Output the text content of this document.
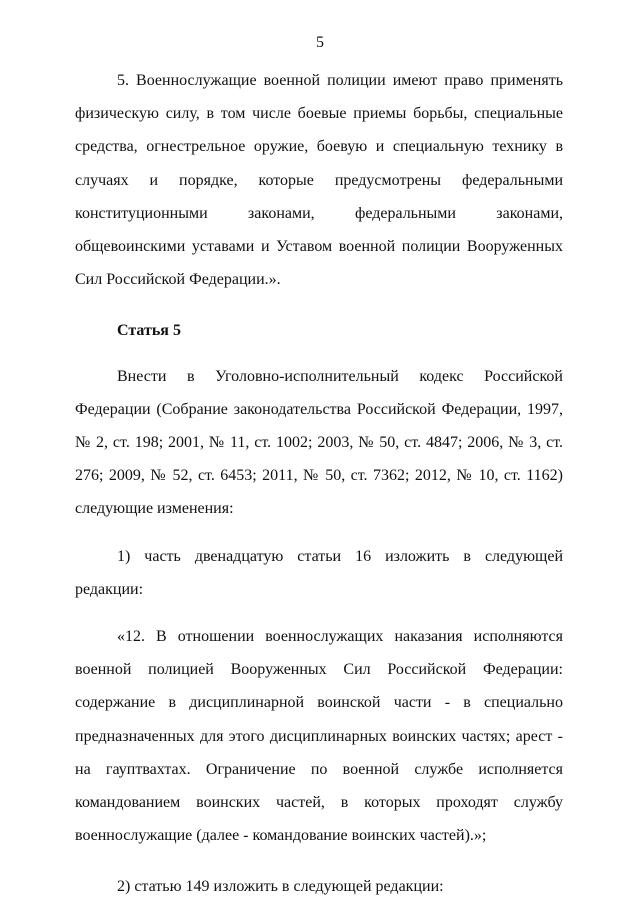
5

5. Военнослужащие военной полиции имеют право применять физическую силу, в том числе боевые приемы борьбы, специальные средства, огнестрельное оружие, боевую и специальную технику в случаях и порядке, которые предусмотрены федеральными конституционными законами, федеральными законами, общевоинскими уставами и Уставом военной полиции Вооруженных Сил Российской Федерации.».

Статья 5

Внести в Уголовно-исполнительный кодекс Российской Федерации (Собрание законодательства Российской Федерации, 1997, № 2, ст. 198; 2001, № 11, ст. 1002; 2003, № 50, ст. 4847; 2006, № 3, ст. 276; 2009, № 52, ст. 6453; 2011, № 50, ст. 7362; 2012, № 10, ст. 1162) следующие изменения:

1) часть двенадцатую статьи 16 изложить в следующей редакции:

«12. В отношении военнослужащих наказания исполняются военной полицией Вооруженных Сил Российской Федерации: содержание в дисциплинарной воинской части - в специально предназначенных для этого дисциплинарных воинских частях; арест - на гауптвахтах. Ограничение по военной службе исполняется командованием воинских частей, в которых проходят службу военнослужащие (далее - командование воинских частей).»;

2) статью 149 изложить в следующей редакции:
